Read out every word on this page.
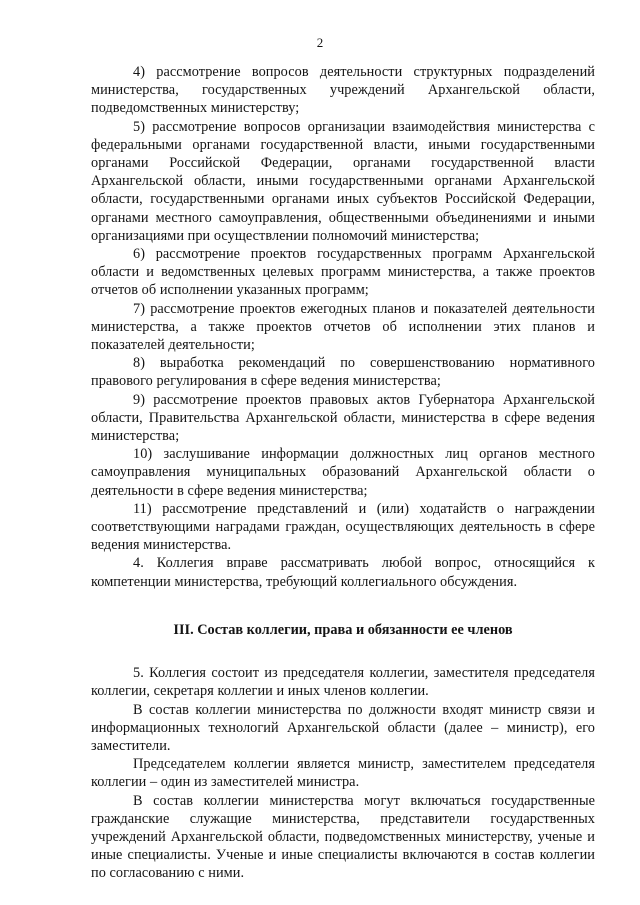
2

4) рассмотрение вопросов деятельности структурных подразделений министерства, государственных учреждений Архангельской области, подведомственных министерству;

5) рассмотрение вопросов организации взаимодействия министерства с федеральными органами государственной власти, иными государственными органами Российской Федерации, органами государственной власти Архангельской области, иными государственными органами Архангельской области, государственными органами иных субъектов Российской Федерации, органами местного самоуправления, общественными объединениями и иными организациями при осуществлении полномочий министерства;

6) рассмотрение проектов государственных программ Архангельской области и ведомственных целевых программ министерства, а также проектов отчетов об исполнении указанных программ;

7) рассмотрение проектов ежегодных планов и показателей деятельности министерства, а также проектов отчетов об исполнении этих планов и показателей деятельности;

8) выработка рекомендаций по совершенствованию нормативного правового регулирования в сфере ведения министерства;

9) рассмотрение проектов правовых актов Губернатора Архангельской области, Правительства Архангельской области, министерства в сфере ведения министерства;

10) заслушивание информации должностных лиц органов местного самоуправления муниципальных образований Архангельской области о деятельности в сфере ведения министерства;

11) рассмотрение представлений и (или) ходатайств о награждении соответствующими наградами граждан, осуществляющих деятельность в сфере ведения министерства.

4. Коллегия вправе рассматривать любой вопрос, относящийся к компетенции министерства, требующий коллегиального обсуждения.

III. Состав коллегии, права и обязанности ее членов

5. Коллегия состоит из председателя коллегии, заместителя председателя коллегии, секретаря коллегии и иных членов коллегии.

В состав коллегии министерства по должности входят министр связи и информационных технологий Архангельской области (далее – министр), его заместители.

Председателем коллегии является министр, заместителем председателя коллегии – один из заместителей министра.

В состав коллегии министерства могут включаться государственные гражданские служащие министерства, представители государственных учреждений Архангельской области, подведомственных министерству, ученые и иные специалисты. Ученые и иные специалисты включаются в состав коллегии по согласованию с ними.
